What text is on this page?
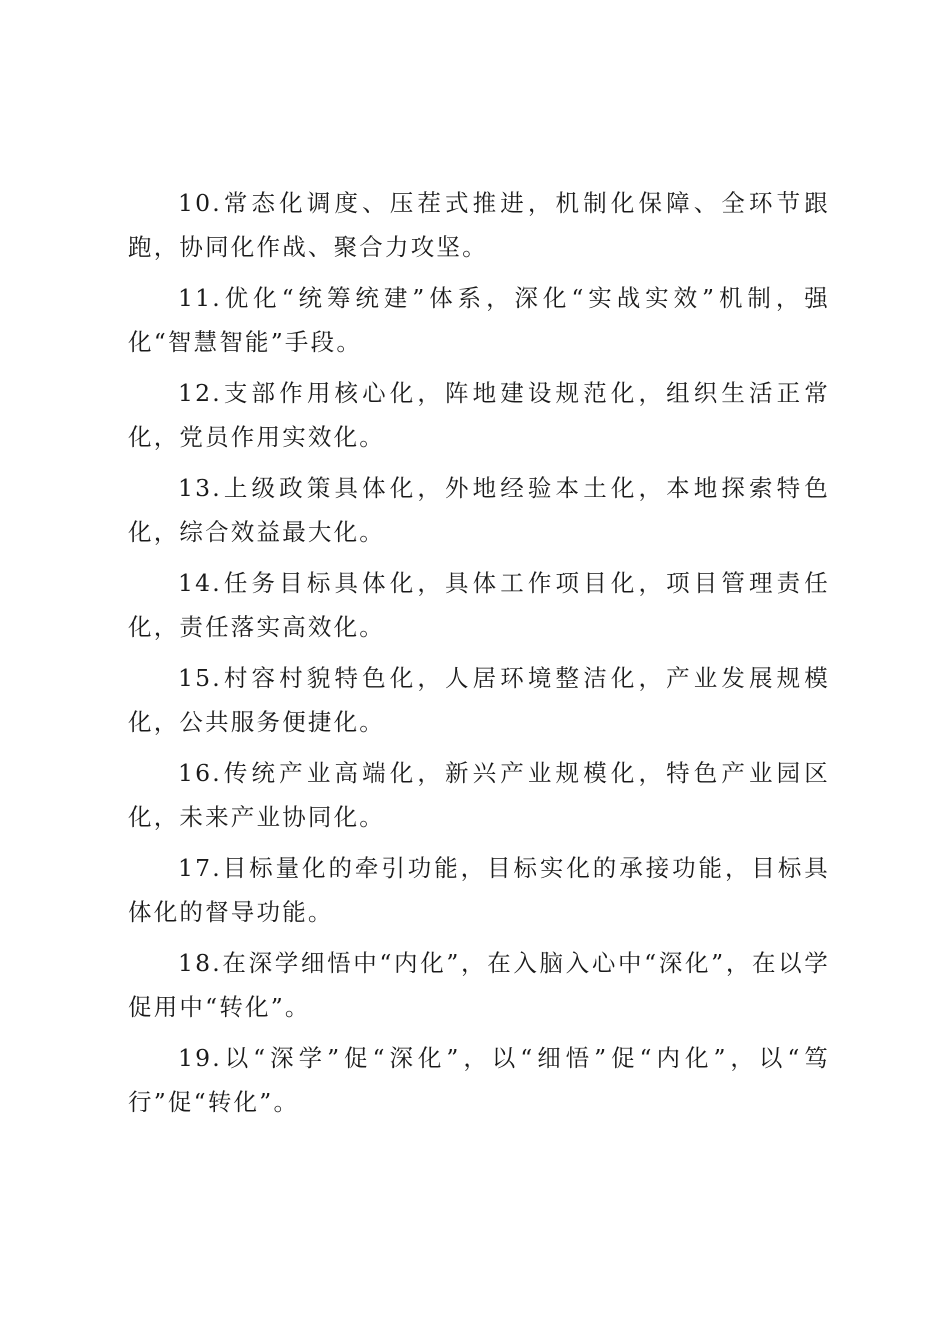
10.常态化调度、压茬式推进，机制化保障、全环节跟跑，协同化作战、聚合力攻坚。

11.优化“统筹统建”体系，深化“实战实效”机制，强化“智慧智能”手段。

12.支部作用核心化，阵地建设规范化，组织生活正常化，党员作用实效化。

13.上级政策具体化，外地经验本土化，本地探索特色化，综合效益最大化。

14.任务目标具体化，具体工作项目化，项目管理责任化，责任落实高效化。

15.村容村貌特色化，人居环境整洁化，产业发展规模化，公共服务便捷化。

16.传统产业高端化，新兴产业规模化，特色产业园区化，未来产业协同化。

17.目标量化的牵引功能，目标实化的承接功能，目标具体化的督导功能。

18.在深学细悟中“内化”，在入脑入心中“深化”，在以学促用中“转化”。

19.以“深学”促“深化”，以“细悟”促“内化”，以“笃行”促“转化”。
